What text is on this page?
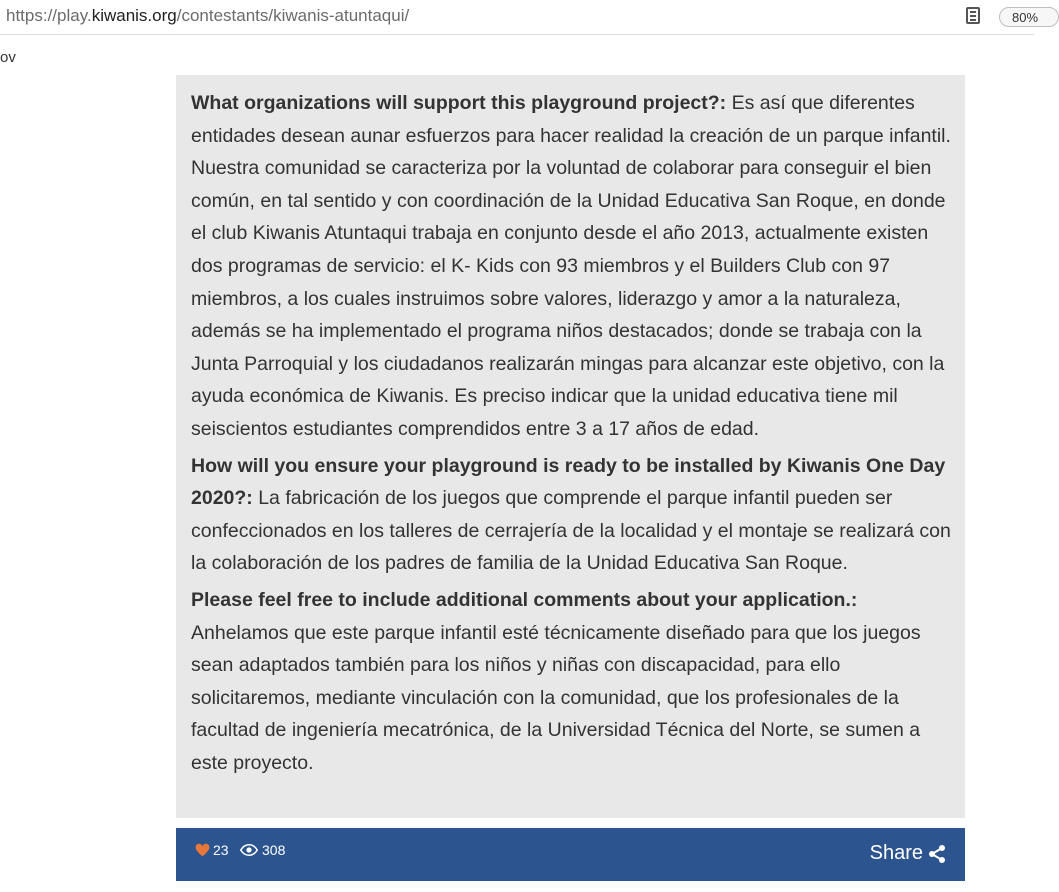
https://play.kiwanis.org/contestants/kiwanis-atuntaqui/	80%
ov

What organizations will support this playground project?: Es así que diferentes entidades desean aunar esfuerzos para hacer realidad la creación de un parque infantil. Nuestra comunidad se caracteriza por la voluntad de colaborar para conseguir el bien común, en tal sentido y con coordinación de la Unidad Educativa San Roque, en donde el club Kiwanis Atuntaqui trabaja en conjunto desde el año 2013, actualmente existen dos programas de servicio: el K- Kids con 93 miembros y el Builders Club con 97 miembros, a los cuales instruimos sobre valores, liderazgo y amor a la naturaleza, además se ha implementado el programa niños destacados; donde se trabaja con la Junta Parroquial y los ciudadanos realizarán mingas para alcanzar este objetivo, con la ayuda económica de Kiwanis. Es preciso indicar que la unidad educativa tiene mil seiscientos estudiantes comprendidos entre 3 a 17 años de edad.

How will you ensure your playground is ready to be installed by Kiwanis One Day 2020?: La fabricación de los juegos que comprende el parque infantil pueden ser confeccionados en los talleres de cerrajería de la localidad y el montaje se realizará con la colaboración de los padres de familia de la Unidad Educativa San Roque.

Please feel free to include additional comments about your application.: Anhelamos que este parque infantil esté técnicamente diseñado para que los juegos sean adaptados también para los niños y niñas con discapacidad, para ello solicitaremos, mediante vinculación con la comunidad, que los profesionales de la facultad de ingeniería mecatrónica, de la Universidad Técnica del Norte, se sumen a este proyecto.

23 308	Share
